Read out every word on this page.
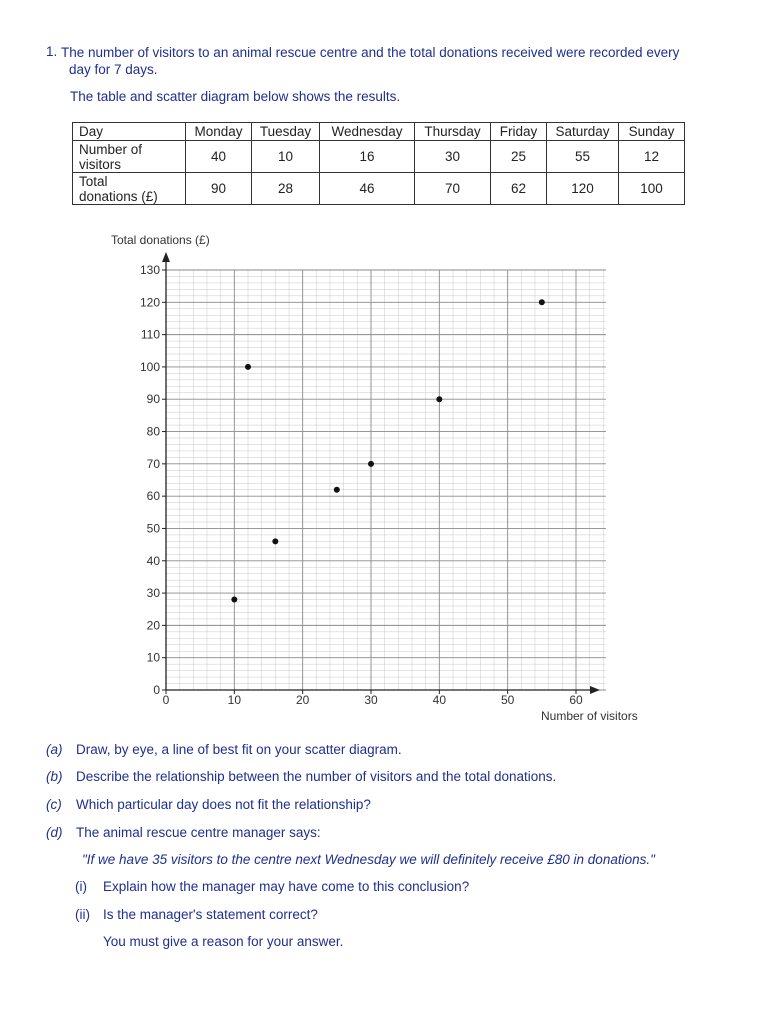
1. The number of visitors to an animal rescue centre and the total donations received were recorded every
day for 7 days.
The table and scatter diagram below shows the results.
Day	Monday	Tuesday	Wednesday	Thursday	Friday	Saturday	Sunday

Number of
visitors	40	10	16	30	25	55	12

Total
donations (£)	90	28	46	70	62	120	100
0
10
20
30
40
50
60
70
80
90
100
110
120
130
0	10	20	30	40	50	60
Total donations (£)
Number of visitors
(a) Draw, by eye, a line of best fit on your scatter diagram.
(b) Describe the relationship between the number of visitors and the total donations.
(c) Which particular day does not fit the relationship?
(d) The animal rescue centre manager says:
"If we have 35 visitors to the centre next Wednesday we will definitely receive £80 in donations."
(i) Explain how the manager may have come to this conclusion?
(ii) Is the manager's statement correct?
You must give a reason for your answer.
